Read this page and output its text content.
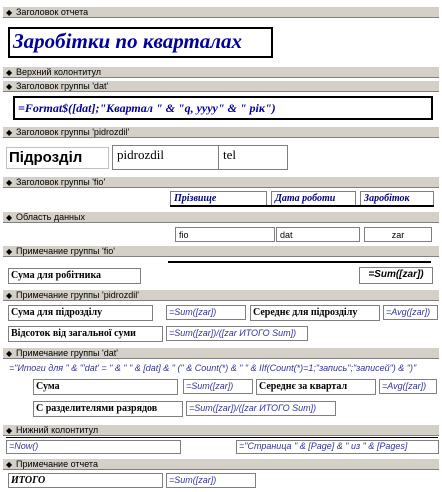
◆ Заголовок отчета
Заробітки по кварталах
◆ Верхний колонтитул
◆ Заголовок группы 'dat'
=Format$([dat];"Квартал " & "q, yyyy" & " рік")
◆ Заголовок группы 'pidrozdil'
Підрозділ	pidrozdil	tel
◆ Заголовок группы 'fio'
Прізвище	Дата роботи	Заробіток
◆ Область данных
fio	dat	zar
◆ Примечание группы 'fio'
Сума для робітника	=Sum([zar])
◆ Примечание группы 'pidrozdil'
Сума для підрозділу	=Sum([zar])	Середнє для підрозділу	=Avg([zar])
Відсоток від загальної суми	=Sum([zar])/([zar ИТОГО Sum])
◆ Примечание группы 'dat'
="Итоги для " & "'dat' = " & " " & [dat] & " (" & Count(*) & " " & IIf(Count(*)=1;"запись";"записей") & ")"
Сума	=Sum([zar])	Середнє за квартал	=Avg([zar])
С разделителями разрядов	=Sum([zar])/([zar ИТОГО Sum])
◆ Нижний колонтитул
=Now()	="Страница " & [Page] & " из " & [Pages]
◆ Примечание отчета
ИТОГО	=Sum([zar])
